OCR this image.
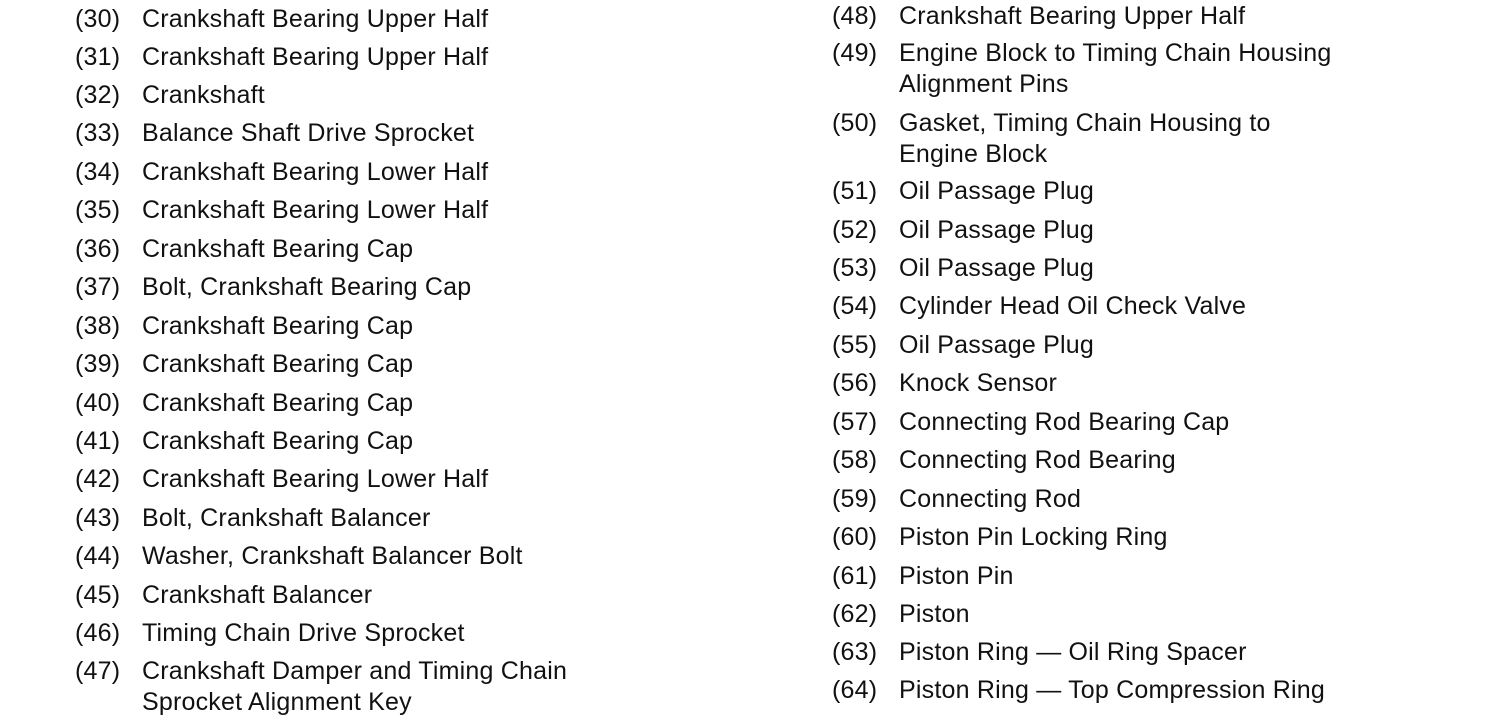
(30) Crankshaft Bearing Upper Half
(31) Crankshaft Bearing Upper Half
(32) Crankshaft
(33) Balance Shaft Drive Sprocket
(34) Crankshaft Bearing Lower Half
(35) Crankshaft Bearing Lower Half
(36) Crankshaft Bearing Cap
(37) Bolt, Crankshaft Bearing Cap
(38) Crankshaft Bearing Cap
(39) Crankshaft Bearing Cap
(40) Crankshaft Bearing Cap
(41) Crankshaft Bearing Cap
(42) Crankshaft Bearing Lower Half
(43) Bolt, Crankshaft Balancer
(44) Washer, Crankshaft Balancer Bolt
(45) Crankshaft Balancer
(46) Timing Chain Drive Sprocket
(47) Crankshaft Damper and Timing Chain
Sprocket Alignment Key
(48) Crankshaft Bearing Upper Half
(49) Engine Block to Timing Chain Housing
Alignment Pins
(50) Gasket, Timing Chain Housing to
Engine Block
(51) Oil Passage Plug
(52) Oil Passage Plug
(53) Oil Passage Plug
(54) Cylinder Head Oil Check Valve
(55) Oil Passage Plug
(56) Knock Sensor
(57) Connecting Rod Bearing Cap
(58) Connecting Rod Bearing
(59) Connecting Rod
(60) Piston Pin Locking Ring
(61) Piston Pin
(62) Piston
(63) Piston Ring — Oil Ring Spacer
(64) Piston Ring — Top Compression Ring
